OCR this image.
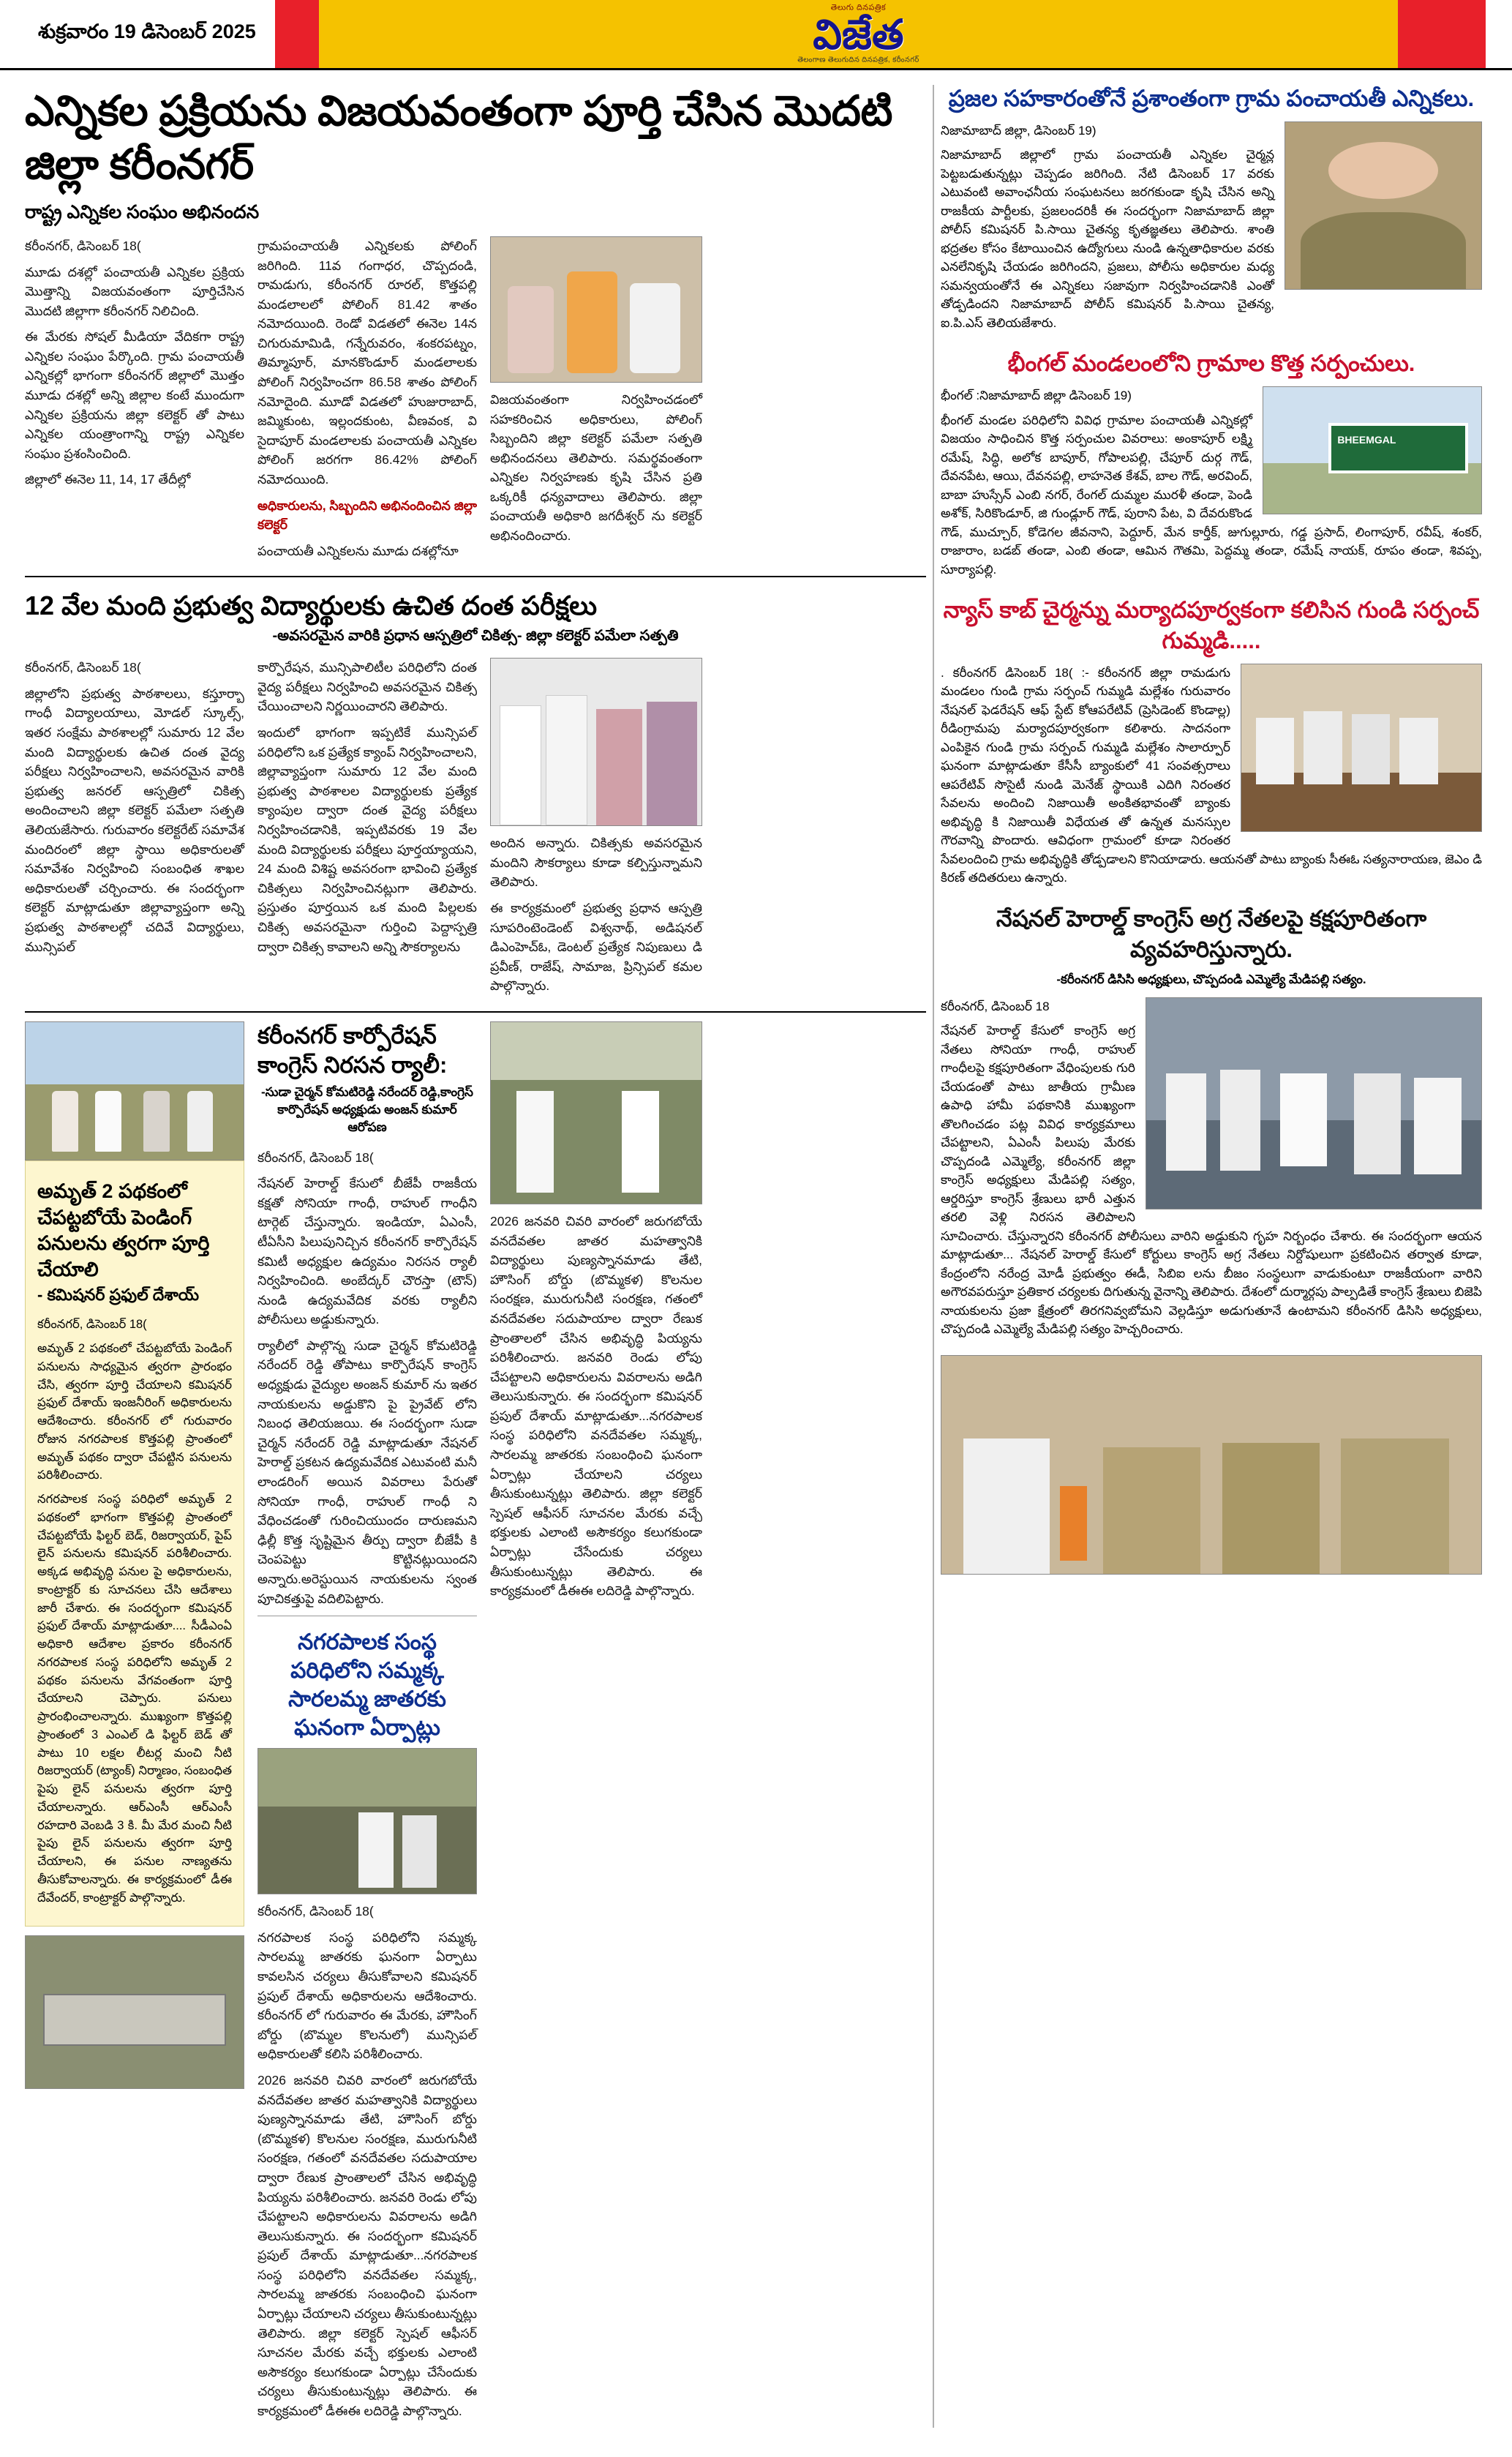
శుక్రవారం 19 డిసెంబర్ 2025
తెలుగు దినపత్రిక
విజేత
తెలంగాణ తెలుగుదిన దినపత్రిక, కరీంనగర్
ఎన్నికల ప్రక్రియను విజయవంతంగా పూర్తి చేసిన మొదటి జిల్లా కరీంనగర్
రాష్ట్ర ఎన్నికల సంఘం అభినందన

కరీంనగర్, డిసెంబర్ 18(

మూడు దశల్లో పంచాయతీ ఎన్నికల ప్రక్రియ మొత్తాన్ని విజయవంతంగా పూర్తిచేసిన మొదటి జిల్లాగా కరీంనగర్ నిలిచింది.

ఈ మేరకు సోషల్ మీడియా వేదికగా రాష్ట్ర ఎన్నికల సంఘం పేర్కొంది. గ్రామ పంచాయతీ ఎన్నికల్లో భాగంగా కరీంనగర్ జిల్లాలో మొత్తం మూడు దశల్లో అన్ని జిల్లాల కంటే ముందుగా ఎన్నికల ప్రక్రియను జిల్లా కలెక్టర్ తో పాటు ఎన్నికల యంత్రాంగాన్ని రాష్ట్ర ఎన్నికల సంఘం ప్రశంసించింది.

జిల్లాలో ఈనెల 11, 14, 17 తేదీల్లో

గ్రామపంచాయతీ ఎన్నికలకు పోలింగ్ జరిగింది. 11వ గంగాధర, చొప్పదండి, రామడుగు, కరీంనగర్ రూరల్, కొత్తపల్లి మండలాలలో పోలింగ్ 81.42 శాతం నమోదయింది. రెండో విడతలో ఈనెల 14న చిగురుమామిడి, గన్నేరువరం, శంకరపట్నం, తిమ్మాపూర్, మానకొండూర్ మండలాలకు పోలింగ్ నిర్వహించగా 86.58 శాతం పోలింగ్ నమోదైంది. మూడో విడతలో హుజురాబాద్, జమ్మికుంట, ఇల్లందకుంట, వీణవంక, వి సైదాపూర్ మండలాలకు పంచాయతీ ఎన్నికల పోలింగ్ జరగగా 86.42% పోలింగ్ నమోదయింది.

అధికారులను, సిబ్బందిని అభినందించిన జిల్లా కలెక్టర్

పంచాయతీ ఎన్నికలను మూడు దశల్లోనూ

విజయవంతంగా నిర్వహించడంలో సహకరించిన అధికారులు, పోలింగ్ సిబ్బందిని జిల్లా కలెక్టర్ పమేలా సత్పతి అభినందనలు తెలిపారు. సమర్థవంతంగా ఎన్నికల నిర్వహణకు కృషి చేసిన ప్రతి ఒక్కరికీ ధన్యవాదాలు తెలిపారు. జిల్లా పంచాయతీ అధికారి జగదీశ్వర్ ను కలెక్టర్ అభినందించారు.

12 వేల మంది ప్రభుత్వ విద్యార్థులకు ఉచిత దంత పరీక్షలు
-అవసరమైన వారికి ప్రధాన ఆస్పత్రిలో చికిత్స- జిల్లా కలెక్టర్ పమేలా సత్పతి

కరీంనగర్, డిసెంబర్ 18(

జిల్లాలోని ప్రభుత్వ పాఠశాలలు, కస్తూర్బా గాంధీ విద్యాలయాలు, మోడల్ స్కూల్స్, ఇతర సంక్షేమ పాఠశాలల్లో సుమారు 12 వేల మంది విద్యార్థులకు ఉచిత దంత వైద్య పరీక్షలు నిర్వహించాలని, అవసరమైన వారికి ప్రభుత్వ జనరల్ ఆస్పత్రిలో చికిత్స అందించాలని జిల్లా కలెక్టర్ పమేలా సత్పతి తెలియజేసారు. గురువారం కలెక్టరేట్ సమావేశ మందిరంలో జిల్లా స్థాయి అధికారులతో సమావేశం నిర్వహించి సంబంధిత శాఖల అధికారులతో చర్చించారు. ఈ సందర్భంగా కలెక్టర్ మాట్లాడుతూ జిల్లావ్యాప్తంగా అన్ని ప్రభుత్వ పాఠశాలల్లో చదివే విద్యార్థులు, మున్సిపల్

కార్పొరేషన, మున్సిపాలిటీల పరిధిలోని దంత వైద్య పరీక్షలు నిర్వహించి అవసరమైన చికిత్స చేయించాలని నిర్ణయించారని తెలిపారు.

ఇందులో భాగంగా ఇప్పటికే మున్సిపల్ పరిధిలోని ఒక ప్రత్యేక క్యాంప్ నిర్వహించాలని, జిల్లావ్యాప్తంగా సుమారు 12 వేల మంది ప్రభుత్వ పాఠశాలల విద్యార్థులకు ప్రత్యేక క్యాంపుల ద్వారా దంత వైద్య పరీక్షలు నిర్వహించడానికి, ఇప్పటివరకు 19 వేల మంది విద్యార్థులకు పరీక్షలు పూర్తయ్యాయని, 24 మంది విశిష్ట అవసరంగా భావించి ప్రత్యేక చికిత్సలు నిర్వహించినట్లుగా తెలిపారు. ప్రస్తుతం పూర్తయిన ఒక మంది పిల్లలకు చికిత్స అవసరమైనా గుర్తించి పెద్దాస్పత్రి ద్వారా చికిత్స కావాలని అన్ని సౌకర్యాలను

అందిన అన్నారు. చికిత్సకు అవసరమైన మందిని సౌకర్యాలు కూడా కల్పిస్తున్నామని తెలిపారు.

ఈ కార్యక్రమంలో ప్రభుత్వ ప్రధాన ఆస్పత్రి సూపరింటెండెంట్ విశ్వనాథ్, అడిషనల్ డిఎంహెచ్ఓ, డెంటల్ ప్రత్యేక నిపుణులు డి ప్రవీణ్, రాజేష్, సామాజ, ప్రిన్సిపల్ కమల పాల్గొన్నారు.

అమృత్ 2 పథకంలో చేపట్టబోయే పెండింగ్ పనులను త్వరగా పూర్తి చేయాలి
- కమిషనర్ ప్రఫుల్ దేశాయ్

కరీంనగర్, డిసెంబర్ 18(

అమృత్ 2 పథకంలో చేపట్టబోయే పెండింగ్ పనులను సాధ్యమైన త్వరగా ప్రారంభం చేసి, త్వరగా పూర్తి చేయాలని కమిషనర్ ప్రఫుల్ దేశాయ్ ఇంజనీరింగ్ అధికారులను ఆదేశించారు. కరీంనగర్ లో గురువారం రోజున నగరపాలక కొత్తపల్లి ప్రాంతంలో అమృత్ పథకం ద్వారా చేపట్టిన పనులను పరిశీలించారు.

నగరపాలక సంస్థ పరిధిలో అమృత్ 2 పథకంలో భాగంగా కొత్తపల్లి ప్రాంతంలో చేపట్టబోయే ఫిల్టర్ బెడ్, రిజర్వాయర్, పైప్ లైన్ పనులను కమిషనర్ పరిశీలించారు. అక్కడ అభివృద్ధి పనుల పై అధికారులను, కాంట్రాక్టర్ కు సూచనలు చేసి ఆదేశాలు జారీ చేశారు. ఈ సందర్భంగా కమిషనర్ ప్రఫుల్ దేశాయ్ మాట్లాడుతూ.... సీడీఎంఏ అధికారి ఆదేశాల ప్రకారం కరీంనగర్ నగరపాలక సంస్థ పరిధిలోని అమృత్ 2 పథకం పనులను వేగవంతంగా పూర్తి చేయాలని చెప్పారు. పనులు ప్రారంభించాలన్నారు. ముఖ్యంగా కొత్తపల్లి ప్రాంతంలో 3 ఎంఎల్ డి ఫిల్టర్ బెడ్ తో పాటు 10 లక్షల లీటర్ల మంచి నీటి రిజర్వాయర్ (ట్యాంక్) నిర్మాణం, సంబంధిత పైపు లైన్ పనులను త్వరగా పూర్తి చేయాలన్నారు. ఆర్ఎంసీ ఆర్ఎంసీ రహదారి వెంబడి 3 కి. మీ మేర మంచి నీటి పైపు లైన్ పనులను త్వరగా పూర్తి చేయాలని, ఈ పనుల నాణ్యతను తీసుకోవాలన్నారు. ఈ కార్యక్రమంలో డీఈ దేవేందర్, కాంట్రాక్టర్ పాల్గొన్నారు.

కరీంనగర్ కార్పోరేషన్ కాంగ్రెస్ నిరసన ర్యాలీ:
-సుడా చైర్మన్ కోమటిరెడ్డి నరేందర్ రెడ్డి,కాంగ్రెస్ కార్పొరేషన్ అధ్యక్షుడు అంజన్ కుమార్ ఆరోపణ

కరీంనగర్, డిసెంబర్ 18(

నేషనల్ హెరాల్డ్ కేసులో బీజేపీ రాజకీయ కక్షతో సోనియా గాంధీ, రాహుల్ గాంధీని టార్గెట్ చేస్తున్నారు. ఇండియా, ఏఎంసీ, టీఏసీని పిలుపునిచ్చిన కరీంనగర్ కార్పొరేషన్ కమిటీ అధ్యక్షుల ఉద్యమం నిరసన ర్యాలీ నిర్వహించింది. అంబేద్కర్ చౌరస్తా (టౌన్) నుండి ఉద్యమవేదిక వరకు ర్యాలీని పోలీసులు అడ్డుకున్నారు.

ర్యాలీలో పాల్గొన్న సుడా చైర్మన్ కోమటిరెడ్డి నరేందర్ రెడ్డి తోపాటు కార్పొరేషన్ కాంగ్రెస్ అధ్యక్షుడు వైద్యుల అంజన్ కుమార్ ను ఇతర నాయకులను అడ్డుకొని పై ప్రైవేట్ లోని నిబంధ తెలియజయి. ఈ సందర్భంగా సుడా చైర్మన్ నరేందర్ రెడ్డి మాట్లాడుతూ నేషనల్ హెరాల్డ్ ప్రకటన ఉద్యమవేదిక ఎటువంటి మనీ లాండరింగ్ అయిన వివరాలు పేరుతో సోనియా గాంధీ, రాహుల్ గాంధీ ని వేధించడంతో గురించియుందం దారుణమని ఢిల్లీ కొత్త సృష్టిమైన తీర్పు ద్వారా బీజేపీ కి చెంపపెట్టు కొట్టినట్లుయిందని అన్నారు.అరెస్టుయిన నాయకులను స్వంత పూచికత్తుపై వదిలిపెట్టారు.

నగరపాలక సంస్థ పరిధిలోని సమ్మక్క సారలమ్మ జాతరకు ఘనంగా ఏర్పాట్లు

కరీంనగర్, డిసెంబర్ 18(

నగరపాలక సంస్థ పరిధిలోని సమ్మక్క సారలమ్మ జాతరకు ఘనంగా ఏర్పాటు కావలసిన చర్యలు తీసుకోవాలని కమిషనర్ ప్రపుల్ దేశాయ్ అధికారులను ఆదేశించారు. కరీంనగర్ లో గురువారం ఈ మేరకు, హౌసింగ్ బోర్డు (బొమ్మల కొలనులో) మున్సిపల్ అధికారులతో కలిసి పరిశీలించారు.

2026 జనవరి చివరి వారంలో జరుగబోయే వనదేవతల జాతర మహత్వానికి విద్యార్థులు పుణ్యస్నానమాడు తేటి, హౌసింగ్ బోర్డు (బొమ్మకళ) కొలనుల సంరక్షణ, మురుగునీటి సంరక్షణ, గతంలో వనదేవతల సదుపాయాల ద్వారా రేణుక ప్రాంతాలలో చేసిన అభివృద్ధి పియ్యను పరిశీలించారు. జనవరి రెండు లోపు చేపట్టాలని అధికారులను వివరాలను అడిగి తెలుసుకున్నారు. ఈ సందర్భంగా కమిషనర్ ప్రపుల్ దేశాయ్ మాట్లాడుతూ...నగరపాలక సంస్థ పరిధిలోని వనదేవతల సమ్మక్క, సారలమ్మ జాతరకు సంబంధించి ఘనంగా ఏర్పాట్లు చేయాలని చర్యలు తీసుకుంటున్నట్లు తెలిపారు. జిల్లా కలెక్టర్ స్పెషల్ ఆఫీసర్ సూచనల మేరకు వచ్చే భక్తులకు ఎలాంటి అసౌకర్యం కలుగకుండా ఏర్పాట్లు చేసేందుకు చర్యలు తీసుకుంటున్నట్లు తెలిపారు. ఈ కార్యక్రమంలో డీఈఈ లదిరెడ్డి పాల్గొన్నారు.

2026 జనవరి చివరి వారంలో జరుగబోయే వనదేవతల జాతర మహత్వానికి విద్యార్థులు పుణ్యస్నానమాడు తేటి, హౌసింగ్ బోర్డు (బొమ్మకళ) కొలనుల సంరక్షణ, మురుగునీటి సంరక్షణ, గతంలో వనదేవతల సదుపాయాల ద్వారా రేణుక ప్రాంతాలలో చేసిన అభివృద్ధి పియ్యను పరిశీలించారు. జనవరి రెండు లోపు చేపట్టాలని అధికారులను వివరాలను అడిగి తెలుసుకున్నారు. ఈ సందర్భంగా కమిషనర్ ప్రపుల్ దేశాయ్ మాట్లాడుతూ...నగరపాలక సంస్థ పరిధిలోని వనదేవతల సమ్మక్క, సారలమ్మ జాతరకు సంబంధించి ఘనంగా ఏర్పాట్లు చేయాలని చర్యలు తీసుకుంటున్నట్లు తెలిపారు. జిల్లా కలెక్టర్ స్పెషల్ ఆఫీసర్ సూచనల మేరకు వచ్చే భక్తులకు ఎలాంటి అసౌకర్యం కలుగకుండా ఏర్పాట్లు చేసేందుకు చర్యలు తీసుకుంటున్నట్లు తెలిపారు. ఈ కార్యక్రమంలో డీఈఈ లదిరెడ్డి పాల్గొన్నారు.

ప్రజల సహకారంతోనే ప్రశాంతంగా గ్రామ పంచాయతీ ఎన్నికలు.

నిజామాబాద్ జిల్లా, డిసెంబర్ 19)

నిజామాబాద్ జిల్లాలో గ్రామ పంచాయతీ ఎన్నికల చైర్మన్ల పెట్టబడుతున్నట్లు చెప్పడం జరిగింది. నేటి డిసెంబర్ 17 వరకు ఎటువంటి అవాంఛనీయ సంఘటనలు జరగకుండా కృషి చేసిన అన్ని రాజకీయ పార్టీలకు, ప్రజలందరికీ ఈ సందర్భంగా నిజామాబాద్ జిల్లా పోలీస్ కమిషనర్ పి.సాయి చైతన్య కృతజ్ఞతలు తెలిపారు. శాంతి భద్రతల కోసం కేటాయించిన ఉద్యోగులు నుండి ఉన్నతాధికారుల వరకు ఎనలేనికృషి చేయడం జరిగిందని, ప్రజలు, పోలీసు అధికారుల మధ్య సమన్వయంతోనే ఈ ఎన్నికలు సజావుగా నిర్వహించడానికి ఎంతో తోడ్పడిందని నిజామాబాద్ పోలీస్ కమిషనర్ పి.సాయి చైతన్య, ఐ.పి.ఎస్ తెలియజేశారు.

భీంగల్ మండలంలోని గ్రామాల కొత్త సర్పంచులు.
BHEEMGAL

భీంగల్ :నిజామాబాద్ జిల్లా డిసెంబర్ 19)

భీంగల్ మండల పరిధిలోని వివిధ గ్రామాల పంచాయతీ ఎన్నికల్లో విజయం సాధించిన కొత్త సర్పంచుల వివరాలు: అంకాపూర్ లక్ష్మి రమేష్, సిద్ధి, అలోక బాపూర్, గోపాలపల్లి, చేపూర్ దుర్గ గౌడ్, దేవనపేట, ఆయి, దేవనపల్లి, లాహనెత కేశవ్, బాల గౌడ్, అరవింద్, బాబా హుస్సేన్ ఎంబి నగర్, రేంగల్ దుమ్మల మురళీ తండా, పెండి అశోక్, సిరికొండూర్, జి గుండ్లూర్ గౌడ్, పురాని పేట, వి దేవరుకొండ గౌడ్, ముచ్చూర్, కోడెగల జీవనాని, పెద్దూర్, మేన కార్తీక్, జుగుల్లూరు, గడ్డ ప్రసాద్, లింగాపూర్, రవీష్, శంకర్, రాజారాం, బడబ్ తండా, ఎంబి తండా, ఆమిన గౌతమి, పెద్దమ్మ తండా, రమేష్ నాయక్, రూపం తండా, శివప్ప, సూర్యాపల్లి.

న్యాస్ కాబ్ చైర్మన్ను మర్యాదపూర్వకంగా కలిసిన గుండి సర్పంచ్ గుమ్మడి.....

. కరీంనగర్ డిసెంబర్ 18( :- కరీంనగర్ జిల్లా రామడుగు మండలం గుండి గ్రామ సర్పంచ్ గుమ్మడి మల్లేశం గురువారం నేషనల్ ఫెడరేషన్ ఆఫ్ స్టేట్ కోఆపరేటివ్ (ప్రెసిడెంట్ కొండాల్ల) రీడింగ్రామపు మర్యాదపూర్వకంగా కలిశారు. సాదనంగా ఎంపికైన గుండి గ్రామ సర్పంచ్ గుమ్మడి మల్లేశం సాలార్పూర్ ఘనంగా మాట్లాడుతూ కేసీసీ బ్యాంకులో 41 సంవత్సరాలు ఆపరేటివ్ సొసైటీ నుండి మెనేజ్ స్థాయికి ఎదిగి నిరంతర సేవలను అందించి నిజాయితీ అంకితభావంతో బ్యాంకు అభివృద్ధి కి నిజాయితీ విధేయత తో ఉన్నత మనస్సుల గౌరవాన్ని పొందారు. ఆవిధంగా గ్రామంలో కూడా నిరంతర సేవలందించి గ్రామ అభివృద్ధికి తోడ్పడాలని కొనియాడారు. ఆయనతో పాటు బ్యాంకు సీఈఓ సత్యనారాయణ, జెఎం డి కిరణ్ తదితరులు ఉన్నారు.

నేషనల్ హెరాల్డ్ కాంగ్రెస్ అగ్ర నేతలపై కక్షపూరితంగా వ్యవహరిస్తున్నారు.
-కరీంనగర్ డిసిసి అధ్యక్షులు, చొప్పదండి ఎమ్మెల్యే మేడిపల్లి సత్యం.

కరీంనగర్, డిసెంబర్ 18

నేషనల్ హెరాల్డ్ కేసులో కాంగ్రెస్ అగ్ర నేతలు సోనియా గాంధీ, రాహుల్ గాంధీలపై కక్షపూరితంగా వేధింపులకు గురి చేయడంతో పాటు జాతీయ గ్రామీణ ఉపాధి హామీ పథకానికి ముఖ్యంగా తొలగించడం పట్ల వివిధ కార్యక్రమాలు చేపట్టాలని, ఏఎంసీ పిలుపు మేరకు చొప్పదండి ఎమ్మెల్యే, కరీంనగర్ జిల్లా కాంగ్రెస్ అధ్యక్షులు మేడిపల్లి సత్యం, ఆర్డరిస్తూ కాంగ్రెస్ శ్రేణులు భారీ ఎత్తున తరలి వెళ్లి నిరసన తెలిపాలని సూచించారు. చేస్తున్నారని కరీంనగర్ పోలీసులు వారిని అడ్డుకుని గృహ నిర్బంధం చేశారు. ఈ సందర్భంగా ఆయన మాట్లాడుతూ... నేషనల్ హెరాల్డ్ కేసులో కోర్టులు కాంగ్రెస్ అగ్ర నేతలు నిర్దోషులుగా ప్రకటించిన తర్వాత కూడా, కేంద్రంలోని నరేంద్ర మోడీ ప్రభుత్వం ఈడీ, సిబిఐ లను బీజం సంస్థలుగా వాడుకుంటూ రాజకీయంగా వారిని అగౌరవపరుస్తూ ప్రతికార చర్యలకు దిగుతున్న వైనాన్ని తెలిపారు. దేశంలో దుర్మార్గపు పాల్పడితే కాంగ్రెస్ శ్రేణులు బిజెపి నాయకులను ప్రజా క్షేత్రంలో తిరగనివ్వబోమని వెల్లడిస్తూ అడుగుతూనే ఉంటామని కరీంనగర్ డిసిసి అధ్యక్షులు, చొప్పదండి ఎమ్మెల్యే మేడిపల్లి సత్యం హెచ్చరించారు.
